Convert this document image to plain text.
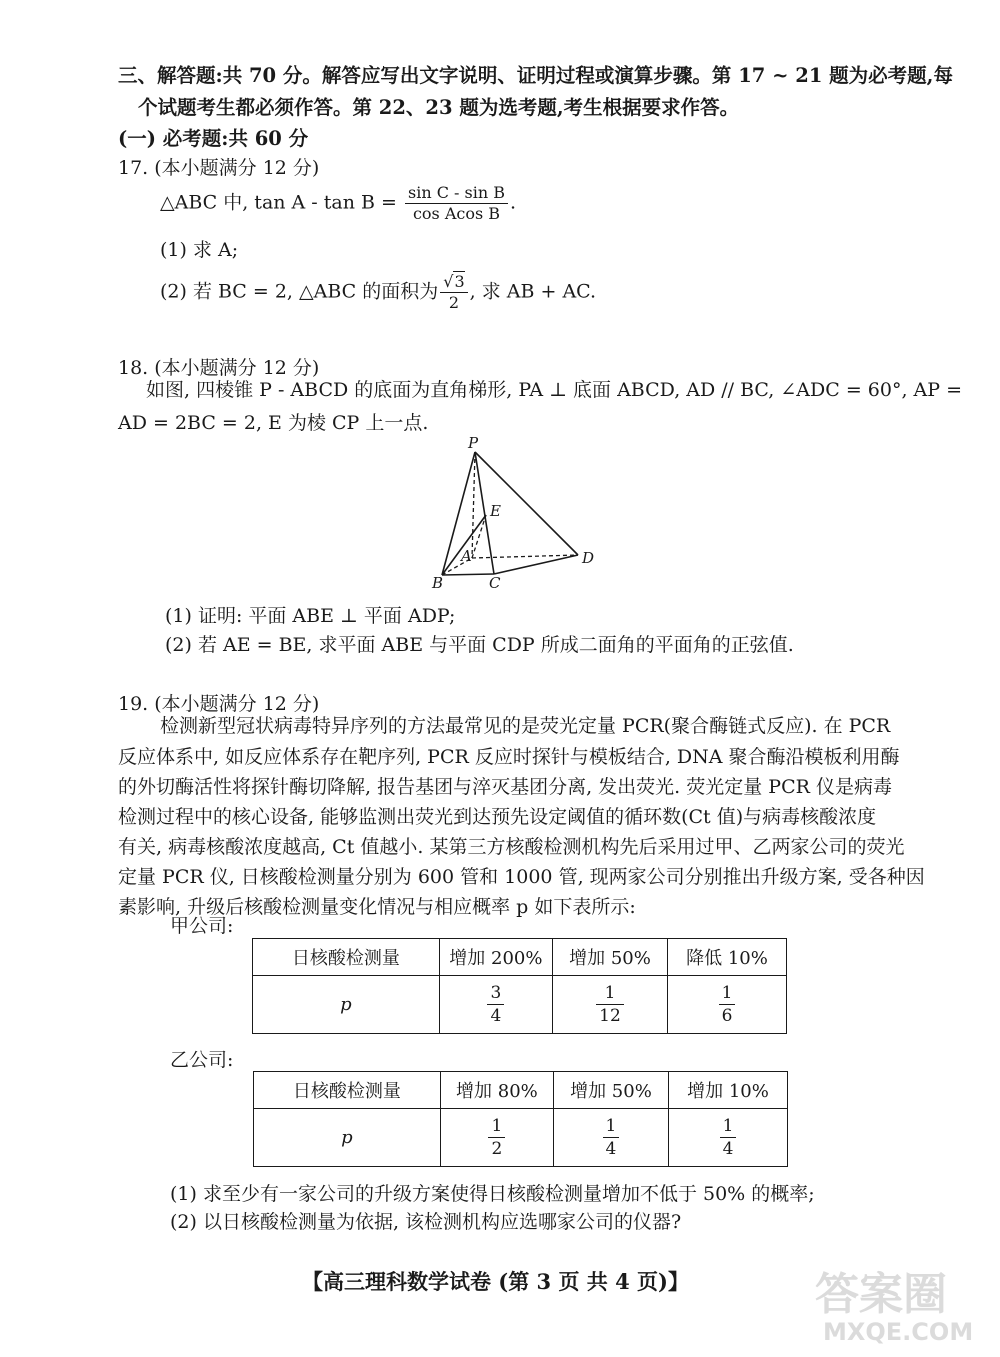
三、解答题:共 70 分。解答应写出文字说明、证明过程或演算步骤。第 17 ~ 21 题为必考题,每
个试题考生都必须作答。第 22、23 题为选考题,考生根据要求作答。
(一) 必考题:共 60 分
17. (本小题满分 12 分)
△ABC 中, $\tan A - \tan B = \frac{\text{sin C - sin B}}{\text{cos Acos B}}$ .
(1) 求 A;
(2) 若 BC = 2, △ABC 的面积为 $\frac{√3}{2}$ , 求 AB + AC.
18. (本小题满分 12 分)
如图, 四棱锥 P - ABCD 的底面为直角梯形, PA ⊥ 底面 ABCD, AD // BC, ∠ADC = 60°, AP =
AD = 2BC = 2, E 为棱 CP 上一点.
P
E
A
B	C
D
(1) 证明: 平面 ABE ⊥ 平面 ADP;
(2) 若 AE = BE, 求平面 ABE 与平面 CDP 所成二面角的平面角的正弦值.
19. (本小题满分 12 分)
检测新型冠状病毒特异序列的方法最常见的是荧光定量 PCR(聚合酶链式反应). 在 PCR
反应体系中, 如反应体系存在靶序列, PCR 反应时探针与模板结合, DNA 聚合酶沿模板利用酶
的外切酶活性将探针酶切降解, 报告基团与淬灭基团分离, 发出荧光. 荧光定量 PCR 仪是病毒
检测过程中的核心设备, 能够监测出荧光到达预先设定阈值的循环数(Ct 值)与病毒核酸浓度
有关, 病毒核酸浓度越高, Ct 值越小. 某第三方核酸检测机构先后采用过甲、乙两家公司的荧光
定量 PCR 仪, 日核酸检测量分别为 600 管和 1000 管, 现两家公司分别推出升级方案, 受各种因
素影响, 升级后核酸检测量变化情况与相应概率 p 如下表所示:
甲公司:
日核酸检测量	增加 200%	增加 50%	降低 10%
p	$\frac{3}{4}$	$\frac{1}{12}$	$\frac{1}{6}$
乙公司:
日核酸检测量	增加 80%	增加 50%	增加 10%
p	$\frac{1}{2}$	$\frac{1}{4}$	$\frac{1}{4}$
(1) 求至少有一家公司的升级方案使得日核酸检测量增加不低于 50% 的概率;
(2) 以日核酸检测量为依据, 该检测机构应选哪家公司的仪器?
【高三理科数学试卷 (第 3 页 共 4 页)】	答案圈
MXQE.COM
